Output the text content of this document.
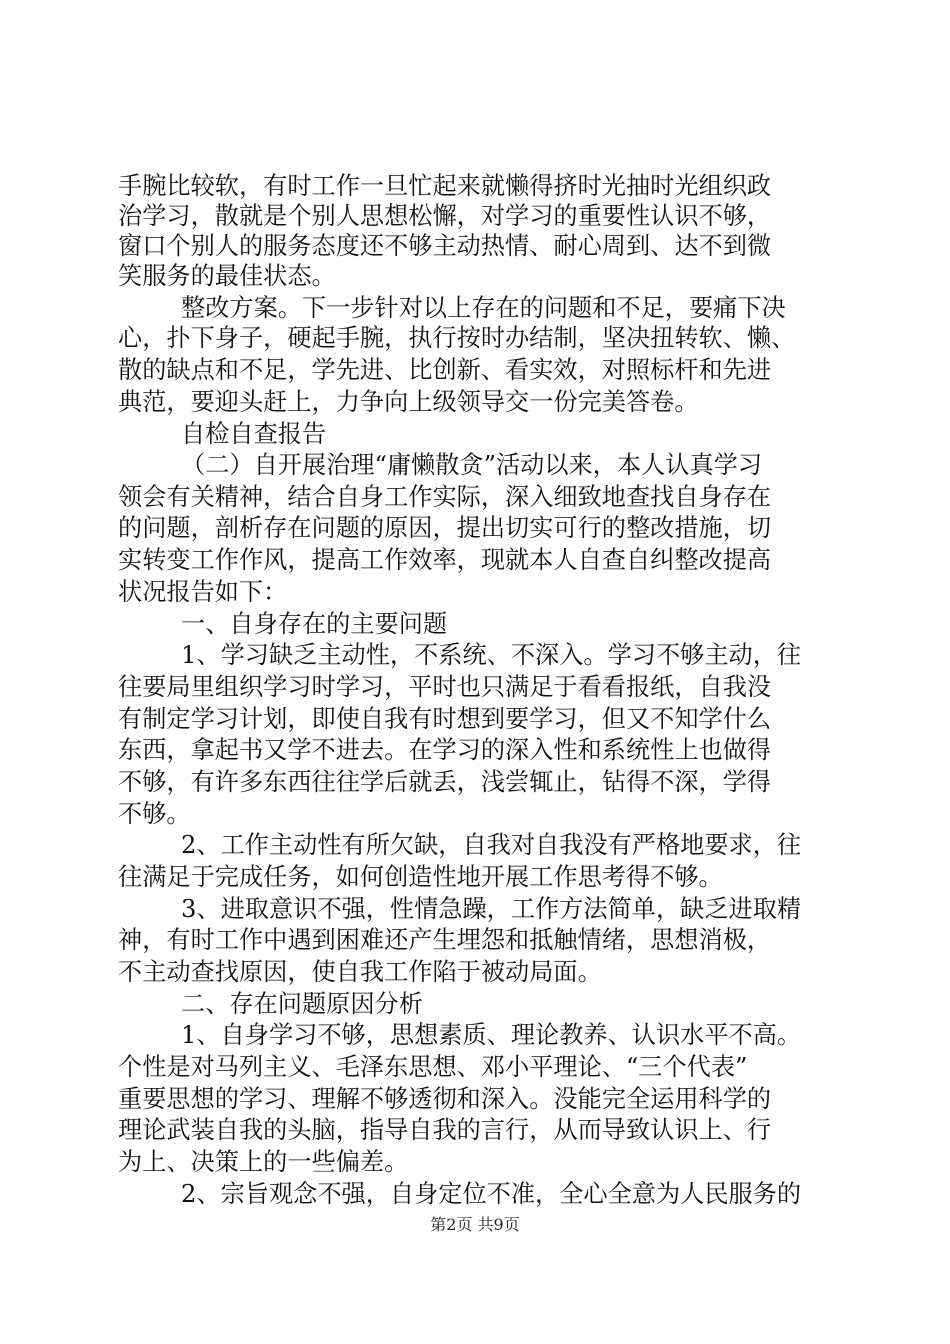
手腕比较软，有时工作一旦忙起来就懒得挤时光抽时光组织政
治学习，散就是个别人思想松懈，对学习的重要性认识不够，
窗口个别人的服务态度还不够主动热情、耐心周到、达不到微
笑服务的最佳状态。
整改方案。下一步针对以上存在的问题和不足，要痛下决
心，扑下身子，硬起手腕，执行按时办结制，坚决扭转软、懒、
散的缺点和不足，学先进、比创新、看实效，对照标杆和先进
典范，要迎头赶上，力争向上级领导交一份完美答卷。
自检自查报告
（二）自开展治理“庸懒散贪”活动以来，本人认真学习
领会有关精神，结合自身工作实际，深入细致地查找自身存在
的问题，剖析存在问题的原因，提出切实可行的整改措施，切
实转变工作作风，提高工作效率，现就本人自查自纠整改提高
状况报告如下：
一、自身存在的主要问题
1、学习缺乏主动性，不系统、不深入。学习不够主动，往
往要局里组织学习时学习，平时也只满足于看看报纸，自我没
有制定学习计划，即使自我有时想到要学习，但又不知学什么
东西，拿起书又学不进去。在学习的深入性和系统性上也做得
不够，有许多东西往往学后就丢，浅尝辄止，钻得不深，学得
不够。
2、工作主动性有所欠缺，自我对自我没有严格地要求，往
往满足于完成任务，如何创造性地开展工作思考得不够。
3、进取意识不强，性情急躁，工作方法简单，缺乏进取精
神，有时工作中遇到困难还产生埋怨和抵触情绪，思想消极，
不主动查找原因，使自我工作陷于被动局面。
二、存在问题原因分析
1、自身学习不够，思想素质、理论教养、认识水平不高。
个性是对马列主义、毛泽东思想、邓小平理论、“三个代表”
重要思想的学习、理解不够透彻和深入。没能完全运用科学的
理论武装自我的头脑，指导自我的言行，从而导致认识上、行
为上、决策上的一些偏差。
2、宗旨观念不强，自身定位不准，全心全意为人民服务的
第2页 共9页
